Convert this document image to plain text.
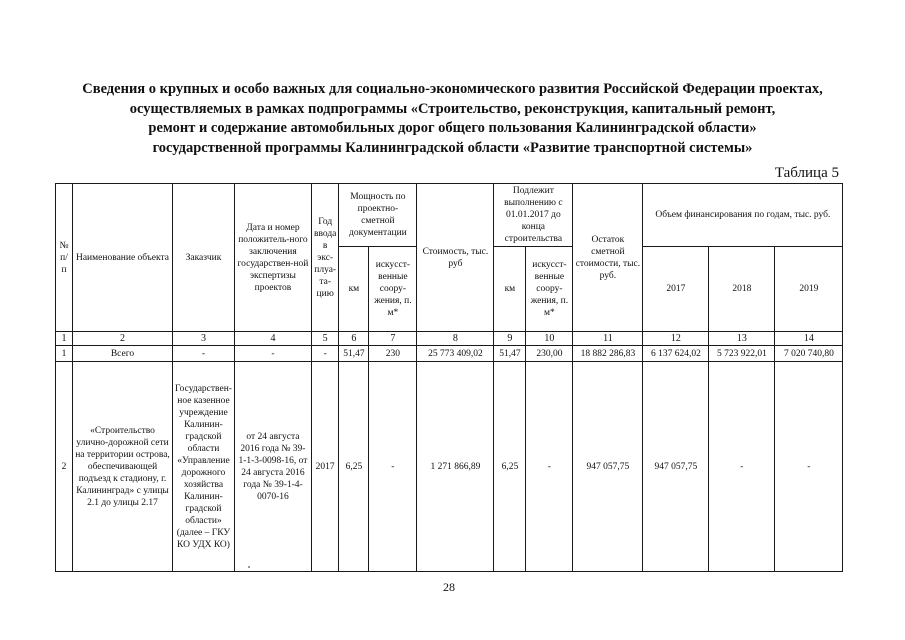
Сведения о крупных и особо важных для социально-экономического развития Российской Федерации проектах,
осуществляемых в рамках подпрограммы «Строительство, реконструкция, капитальный ремонт,
ремонт и содержание автомобильных дорог общего пользования Калининградской области»
государственной программы Калининградской области «Развитие транспортной системы»
Таблица 5
№ п/п	Наименование объекта	Заказчик	Дата и номер положитель-ного заключения государствен-ной экспертизы проектов	Год ввода в экс-плуа-та-цию	Мощность по проектно-сметной документации		Стоимость, тыс. руб	Подлежит выполнению с 01.01.2017 до конца строительства		Остаток сметной стоимости, тыс. руб.	Объем финансирования по годам, тыс. руб.		
					км	искусст-венные соору-жения, п. м*		км	искусст-венные соору-жения, п. м*		2017	2018	2019
1	2	3	4	5	6	7	8	9	10	11	12	13	14
1	Всего	-	-	-	51,47	230	25 773 409,02	51,47	230,00	18 882 286,83	6 137 624,02	5 723 922,01	7 020 740,80
2	«Строительство улично-дорожной сети на территории острова, обеспечивающей подъезд к стадиону, г. Калининград» с улицы 2.1 до улицы 2.17	Государствен-ное казенное учреждение Калинин-градской области «Управление дорожного хозяйства Калинин-градской области» (далее – ГКУ КО УДХ КО)	от 24 августа 2016 года № 39-1-1-3-0098-16, от 24 августа 2016 года № 39-1-4-0070-16	2017	6,25	-	1 271 866,89	6,25	-	947 057,75	947 057,75	-	-
28
